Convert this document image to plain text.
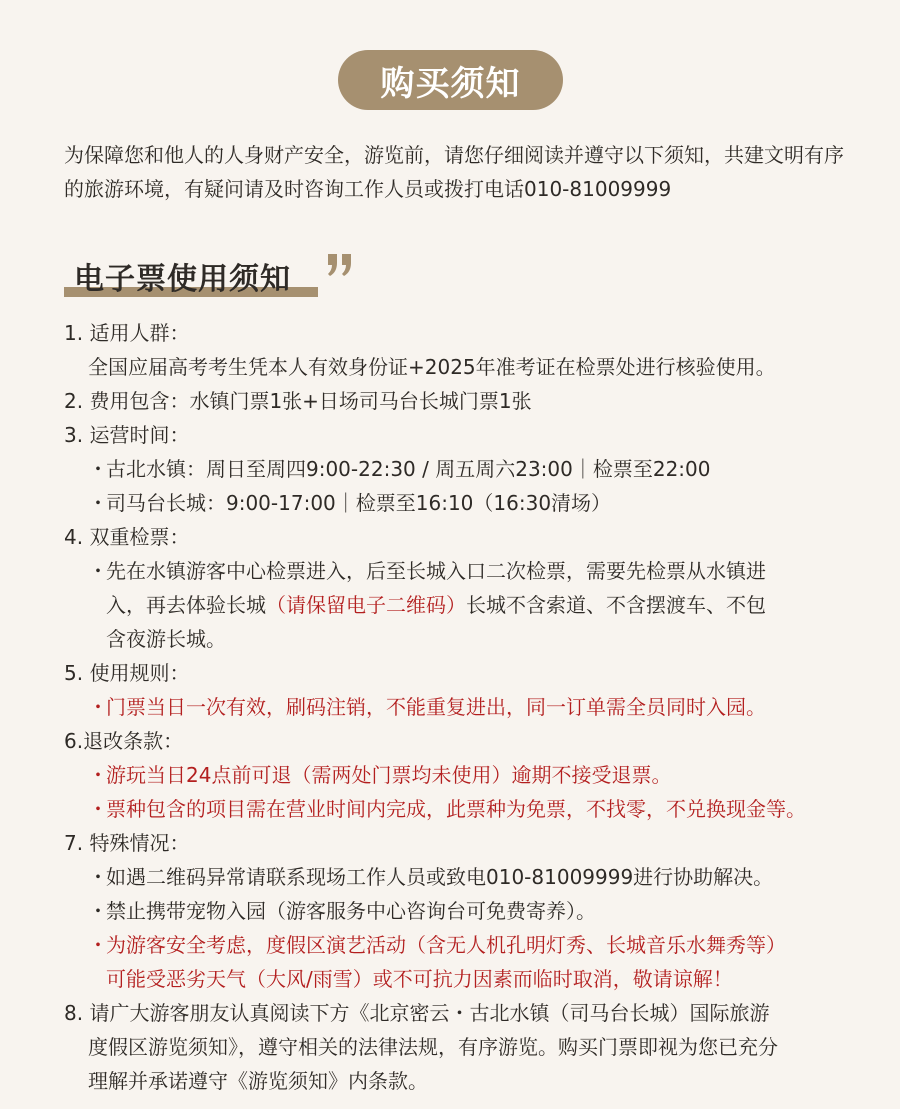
购买须知
为保障您和他人的人身财产安全，游览前，请您仔细阅读并遵守以下须知，共建文明有序的旅游环境，有疑问请及时咨询工作人员或拨打电话010-81009999
电子票使用须知
1. 适用人群：
全国应届高考考生凭本人有效身份证+2025年准考证在检票处进行核验使用。
2. 费用包含：水镇门票1张+日场司马台长城门票1张
3. 运营时间：
・古北水镇：周日至周四9:00-22:30 / 周五周六23:00｜检票至22:00
・司马台长城：9:00-17:00｜检票至16:10（16:30清场）
4. 双重检票：
・先在水镇游客中心检票进入，后至长城入口二次检票，需要先检票从水镇进
入，再去体验长城（请保留电子二维码）长城不含索道、不含摆渡车、不包
含夜游长城。
5. 使用规则：
・门票当日一次有效，刷码注销，不能重复进出，同一订单需全员同时入园。
6.退改条款：
・游玩当日24点前可退（需两处门票均未使用）逾期不接受退票。
・票种包含的项目需在营业时间内完成，此票种为免票，不找零，不兑换现金等。
7. 特殊情况：
・如遇二维码异常请联系现场工作人员或致电010-81009999进行协助解决。
・禁止携带宠物入园（游客服务中心咨询台可免费寄养）。
・为游客安全考虑，度假区演艺活动（含无人机孔明灯秀、长城音乐水舞秀等）
可能受恶劣天气（大风/雨雪）或不可抗力因素而临时取消，敬请谅解！
8. 请广大游客朋友认真阅读下方《北京密云・古北水镇（司马台长城）国际旅游
度假区游览须知》，遵守相关的法律法规，有序游览。购买门票即视为您已充分
理解并承诺遵守《游览须知》内条款。
